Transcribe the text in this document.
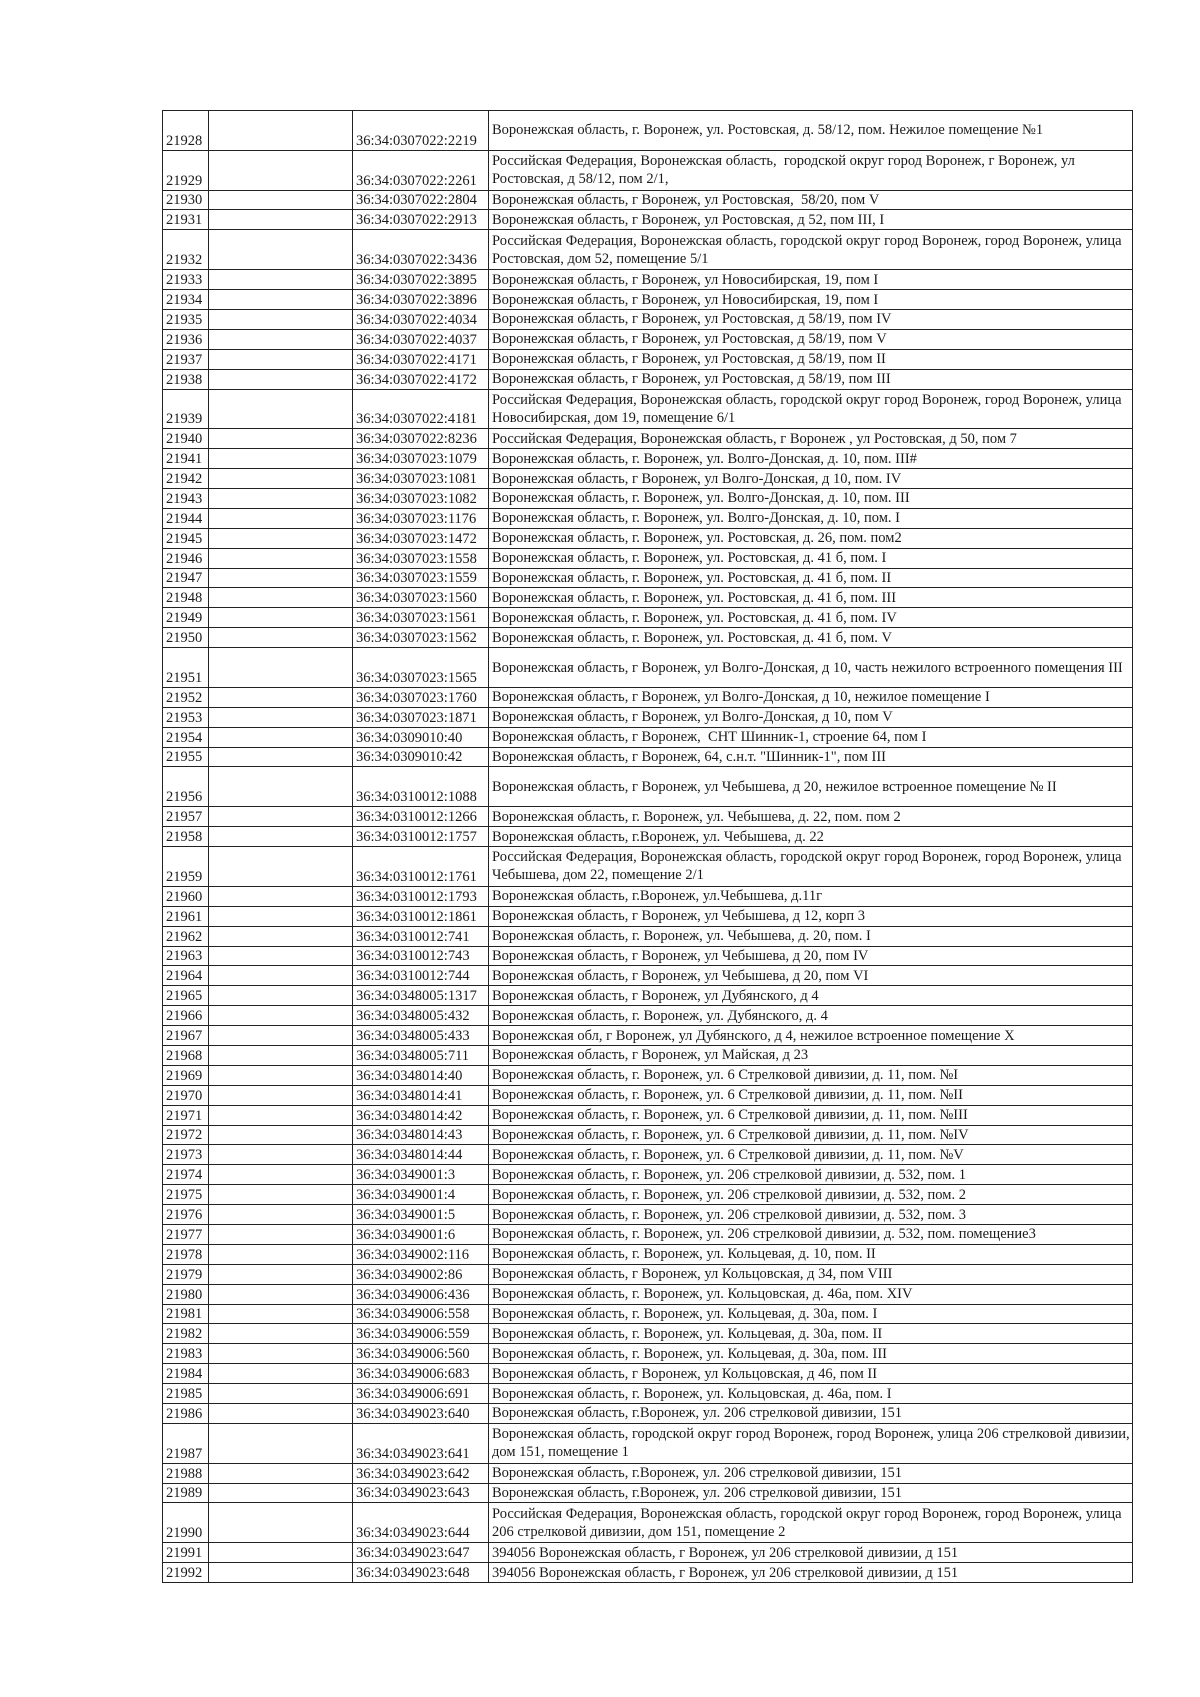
21928		36:34:0307022:2219	Воронежская область, г. Воронеж, ул. Ростовская, д. 58/12, пом. Нежилое помещение №1
21929		36:34:0307022:2261	Российская Федерация, Воронежская область,  городской округ город Воронеж, г Воронеж, ул Ростовская, д 58/12, пом 2/1,
21930		36:34:0307022:2804	Воронежская область, г Воронеж, ул Ростовская,  58/20, пом V
21931		36:34:0307022:2913	Воронежская область, г Воронеж, ул Ростовская, д 52, пом III, I
21932		36:34:0307022:3436	Российская Федерация, Воронежская область, городской округ город Воронеж, город Воронеж, улица Ростовская, дом 52, помещение 5/1
21933		36:34:0307022:3895	Воронежская область, г Воронеж, ул Новосибирская, 19, пом I
21934		36:34:0307022:3896	Воронежская область, г Воронеж, ул Новосибирская, 19, пом I
21935		36:34:0307022:4034	Воронежская область, г Воронеж, ул Ростовская, д 58/19, пом IV
21936		36:34:0307022:4037	Воронежская область, г Воронеж, ул Ростовская, д 58/19, пом V
21937		36:34:0307022:4171	Воронежская область, г Воронеж, ул Ростовская, д 58/19, пом II
21938		36:34:0307022:4172	Воронежская область, г Воронеж, ул Ростовская, д 58/19, пом III
21939		36:34:0307022:4181	Российская Федерация, Воронежская область, городской округ город Воронеж, город Воронеж, улица Новосибирская, дом 19, помещение 6/1
21940		36:34:0307022:8236	Российская Федерация, Воронежская область, г Воронеж , ул Ростовская, д 50, пом 7
21941		36:34:0307023:1079	Воронежская область, г. Воронеж, ул. Волго-Донская, д. 10, пом. III#
21942		36:34:0307023:1081	Воронежская область, г Воронеж, ул Волго-Донская, д 10, пом. IV
21943		36:34:0307023:1082	Воронежская область, г. Воронеж, ул. Волго-Донская, д. 10, пом. III
21944		36:34:0307023:1176	Воронежская область, г. Воронеж, ул. Волго-Донская, д. 10, пом. I
21945		36:34:0307023:1472	Воронежская область, г. Воронеж, ул. Ростовская, д. 26, пом. пом2
21946		36:34:0307023:1558	Воронежская область, г. Воронеж, ул. Ростовская, д. 41 б, пом. I
21947		36:34:0307023:1559	Воронежская область, г. Воронеж, ул. Ростовская, д. 41 б, пом. II
21948		36:34:0307023:1560	Воронежская область, г. Воронеж, ул. Ростовская, д. 41 б, пом. III
21949		36:34:0307023:1561	Воронежская область, г. Воронеж, ул. Ростовская, д. 41 б, пом. IV
21950		36:34:0307023:1562	Воронежская область, г. Воронеж, ул. Ростовская, д. 41 б, пом. V
21951		36:34:0307023:1565	Воронежская область, г Воронеж, ул Волго-Донская, д 10, часть нежилого встроенного помещения III
21952		36:34:0307023:1760	Воронежская область, г Воронеж, ул Волго-Донская, д 10, нежилое помещение I
21953		36:34:0307023:1871	Воронежская область, г Воронеж, ул Волго-Донская, д 10, пом V
21954		36:34:0309010:40	Воронежская область, г Воронеж,  СНТ Шинник-1, строение 64, пом I
21955		36:34:0309010:42	Воронежская область, г Воронеж, 64, с.н.т. "Шинник-1", пом III
21956		36:34:0310012:1088	Воронежская область, г Воронеж, ул Чебышева, д 20, нежилое встроенное помещение № II
21957		36:34:0310012:1266	Воронежская область, г. Воронеж, ул. Чебышева, д. 22, пом. пом 2
21958		36:34:0310012:1757	Воронежская область, г.Воронеж, ул. Чебышева, д. 22
21959		36:34:0310012:1761	Российская Федерация, Воронежская область, городской округ город Воронеж, город Воронеж, улица Чебышева, дом 22, помещение 2/1
21960		36:34:0310012:1793	Воронежская область, г.Воронеж, ул.Чебышева, д.11г
21961		36:34:0310012:1861	Воронежская область, г Воронеж, ул Чебышева, д 12, корп 3
21962		36:34:0310012:741	Воронежская область, г. Воронеж, ул. Чебышева, д. 20, пом. I
21963		36:34:0310012:743	Воронежская область, г Воронеж, ул Чебышева, д 20, пом IV
21964		36:34:0310012:744	Воронежская область, г Воронеж, ул Чебышева, д 20, пом VI
21965		36:34:0348005:1317	Воронежская область, г Воронеж, ул Дубянского, д 4
21966		36:34:0348005:432	Воронежская область, г. Воронеж, ул. Дубянского, д. 4
21967		36:34:0348005:433	Воронежская обл, г Воронеж, ул Дубянского, д 4, нежилое встроенное помещение X
21968		36:34:0348005:711	Воронежская область, г Воронеж, ул Майская, д 23
21969		36:34:0348014:40	Воронежская область, г. Воронеж, ул. 6 Стрелковой дивизии, д. 11, пом. №I
21970		36:34:0348014:41	Воронежская область, г. Воронеж, ул. 6 Стрелковой дивизии, д. 11, пом. №II
21971		36:34:0348014:42	Воронежская область, г. Воронеж, ул. 6 Стрелковой дивизии, д. 11, пом. №III
21972		36:34:0348014:43	Воронежская область, г. Воронеж, ул. 6 Стрелковой дивизии, д. 11, пом. №IV
21973		36:34:0348014:44	Воронежская область, г. Воронеж, ул. 6 Стрелковой дивизии, д. 11, пом. №V
21974		36:34:0349001:3	Воронежская область, г. Воронеж, ул. 206 стрелковой дивизии, д. 532, пом. 1
21975		36:34:0349001:4	Воронежская область, г. Воронеж, ул. 206 стрелковой дивизии, д. 532, пом. 2
21976		36:34:0349001:5	Воронежская область, г. Воронеж, ул. 206 стрелковой дивизии, д. 532, пом. 3
21977		36:34:0349001:6	Воронежская область, г. Воронеж, ул. 206 стрелковой дивизии, д. 532, пом. помещение3
21978		36:34:0349002:116	Воронежская область, г. Воронеж, ул. Кольцевая, д. 10, пом. II
21979		36:34:0349002:86	Воронежская область, г Воронеж, ул Кольцовская, д 34, пом VIII
21980		36:34:0349006:436	Воронежская область, г. Воронеж, ул. Кольцовская, д. 46а, пом. XIV
21981		36:34:0349006:558	Воронежская область, г. Воронеж, ул. Кольцевая, д. 30а, пом. I
21982		36:34:0349006:559	Воронежская область, г. Воронеж, ул. Кольцевая, д. 30а, пом. II
21983		36:34:0349006:560	Воронежская область, г. Воронеж, ул. Кольцевая, д. 30а, пом. III
21984		36:34:0349006:683	Воронежская область, г Воронеж, ул Кольцовская, д 46, пом II
21985		36:34:0349006:691	Воронежская область, г. Воронеж, ул. Кольцовская, д. 46а, пом. I
21986		36:34:0349023:640	Воронежская область, г.Воронеж, ул. 206 стрелковой дивизии, 151
21987		36:34:0349023:641	Воронежская область, городской округ город Воронеж, город Воронеж, улица 206 стрелковой дивизии, дом 151, помещение 1
21988		36:34:0349023:642	Воронежская область, г.Воронеж, ул. 206 стрелковой дивизии, 151
21989		36:34:0349023:643	Воронежская область, г.Воронеж, ул. 206 стрелковой дивизии, 151
21990		36:34:0349023:644	Российская Федерация, Воронежская область, городской округ город Воронеж, город Воронеж, улица 206 стрелковой дивизии, дом 151, помещение 2
21991		36:34:0349023:647	394056 Воронежская область, г Воронеж, ул 206 стрелковой дивизии, д 151
21992		36:34:0349023:648	394056 Воронежская область, г Воронеж, ул 206 стрелковой дивизии, д 151
